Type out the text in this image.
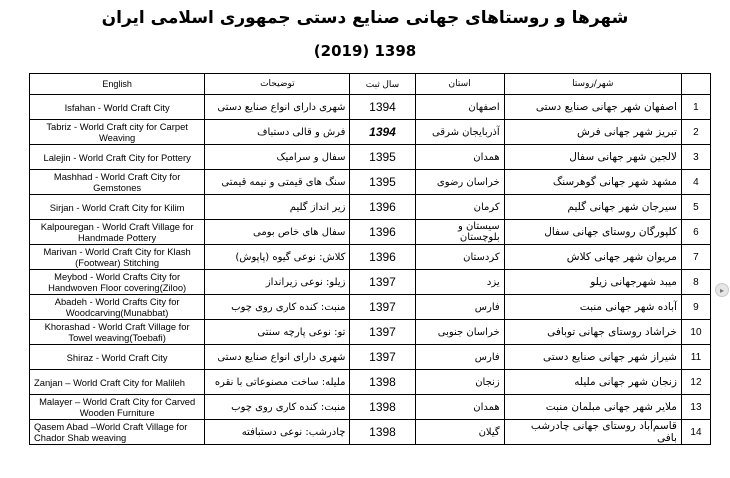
شهرها و روستاهای جهانی صنایع دستی جمهوری اسلامی ایران
(2019) 1398
English	توضیحات	سال ثبت	استان	شهر/روستا	

Isfahan - World Craft City	شهری دارای انواع صنایع دستی	1394	اصفهان	اصفهان شهر جهانی صنایع دستی	1

Tabriz - World Craft city for Carpet Weaving	فرش و قالی دستباف	1394	آذربایجان شرقی	تبریز شهر جهانی فرش	2

Lalejin - World Craft City for Pottery	سفال و سرامیک	1395	همدان	لالجین شهر جهانی سفال	3

Mashhad - World Craft City for Gemstones	سنگ های قیمتی و نیمه قیمتی	1395	خراسان رضوی	مشهد شهر جهانی گوهرسنگ	4

Sirjan - World Craft City for Kilim	زیر انداز گلیم	1396	کرمان	سیرجان شهر جهانی گلیم	5

Kalpouregan - World Craft Village for Handmade Pottery	سفال های خاص بومی	1396	سیستان و بلوچستان	کلپورگان روستای جهانی سفال	6

Marivan - World Craft City for Klash (Footwear) Stitching	کلاش: نوعی گیوه (پاپوش)	1396	کردستان	مریوان شهر جهانی کلاش	7

Meybod - World Crafts City for Handwoven Floor covering(Ziloo)	زیلو: نوعی زیرانداز	1397	یزد	میبد شهرجهانی زیلو	8

Abadeh - World Crafts City for Woodcarving(Munabbat)	منبت: کنده کاری روی چوب	1397	فارس	آباده شهر جهانی منبت	9

Khorashad - World Craft Village for Towel weaving(Toebafi)	تو: نوعی پارچه سنتی	1397	خراسان جنوبی	خراشاد روستای جهانی توبافی	10

Shiraz - World Craft City	شهری دارای انواع صنایع دستی	1397	فارس	شیراز شهر جهانی صنایع دستی	11

Zanjan – World Craft City for Malileh	ملیله: ساخت مصنوعاتی با نقره	1398	زنجان	زنجان شهر جهانی ملیله	12

Malayer – World Craft City for Carved Wooden Furniture	منبت: کنده کاری روی چوب	1398	همدان	ملایر شهر جهانی مبلمان منبت	13

Qasem Abad –World Craft Village for Chador Shab weaving	چادرشب: نوعی دستبافته	1398	گیلان	قاسم‌آباد روستای جهانی چادرشب بافی	14
▸
